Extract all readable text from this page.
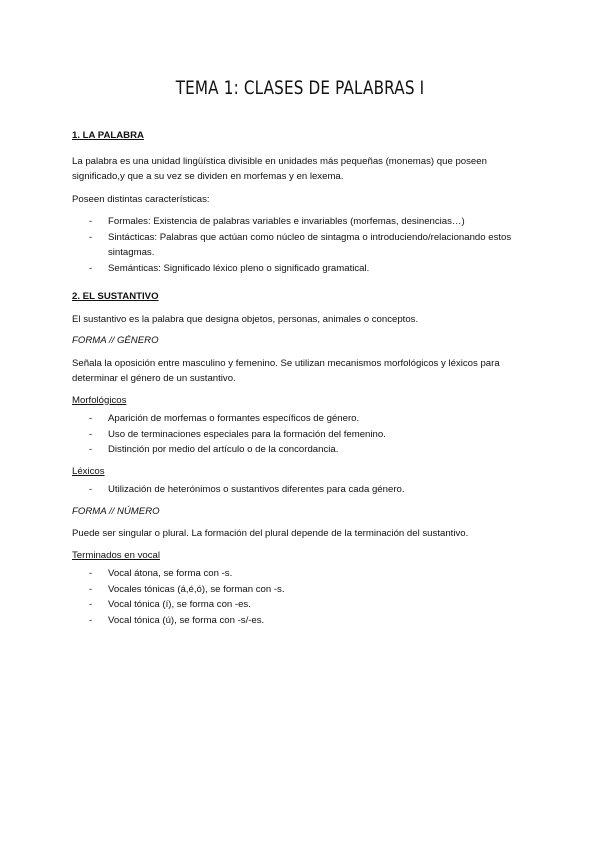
TEMA 1: CLASES DE PALABRAS I

1. LA PALABRA

La palabra es una unidad lingüística divisible en unidades más pequeñas (monemas) que poseen significado,y que a su vez se dividen en morfemas y en lexema.

Poseen distintas características:

- Formales: Existencia de palabras variables e invariables (morfemas, desinencias…)
- Sintácticas: Palabras que actúan como núcleo de sintagma o introduciendo/relacionando estos sintagmas.
- Semánticas: Significado léxico pleno o significado gramatical.

2. EL SUSTANTIVO

El sustantivo es la palabra que designa objetos, personas, animales o conceptos.

FORMA // GÉNERO

Señala la oposición entre masculino y femenino. Se utilizan mecanismos morfológicos y léxicos para determinar el género de un sustantivo.

Morfológicos

- Aparición de morfemas o formantes específicos de género.
- Uso de terminaciones especiales para la formación del femenino.
- Distinción por medio del artículo o de la concordancia.

Léxicos

- Utilización de heterónimos o sustantivos diferentes para cada género.

FORMA // NÚMERO

Puede ser singular o plural. La formación del plural depende de la terminación del sustantivo.

Terminados en vocal

- Vocal átona, se forma con -s.
- Vocales tónicas (á,é,ó), se forman con -s.
- Vocal tónica (í), se forma con -es.
- Vocal tónica (ú), se forma con -s/-es.
